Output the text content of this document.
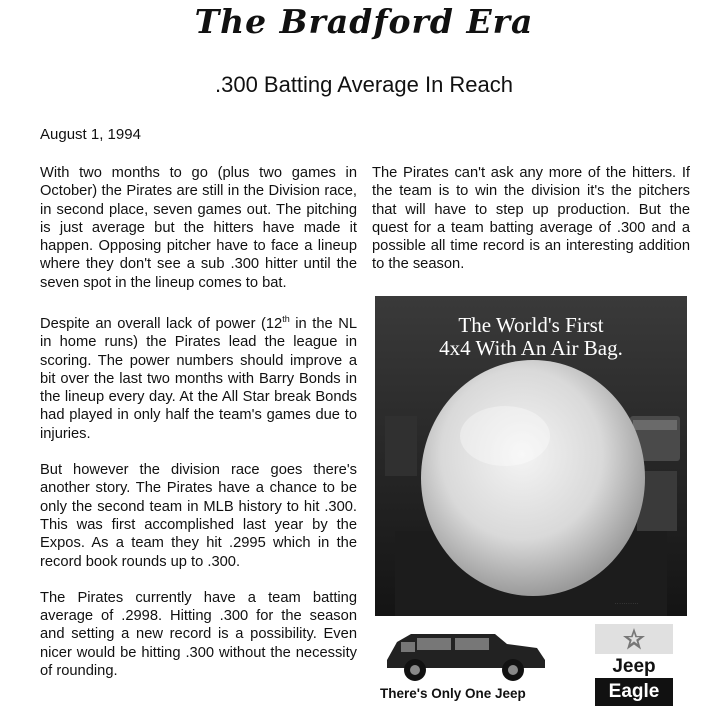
The Bradford Era
.300 Batting Average In Reach
August 1, 1994

With two months to go (plus two games in October) the Pirates are still in the Division race, in second place, seven games out. The pitching is just average but the hitters have made it happen. Opposing pitcher have to face a lineup where they don't see a sub .300 hitter until the seven spot in the lineup comes to bat.

Despite an overall lack of power (12th in the NL in home runs) the Pirates lead the league in scoring. The power numbers should improve a bit over the last two months with Barry Bonds in the lineup every day. At the All Star break Bonds had played in only half the team's games due to injuries.

But however the division race goes there's another story. The Pirates have a chance to be only the second team in MLB history to hit .300. This was first accomplished last year by the Expos. As a team they hit .2995 which in the record book rounds up to .300.

The Pirates currently have a team batting average of .2998. Hitting .300 for the season and setting a new record is a possibility. Even nicer would be hitting .300 without the necessity of rounding.

The Pirates can't ask any more of the hitters. If the team is to win the division it's the pitchers that will have to step up production. But the quest for a team batting average of .300 and a possible all time record is an interesting addition to the season.

. . . . . . . . . . .
The World's First
4x4 With An Air Bag.
There's Only One Jeep
Jeep
Eagle
